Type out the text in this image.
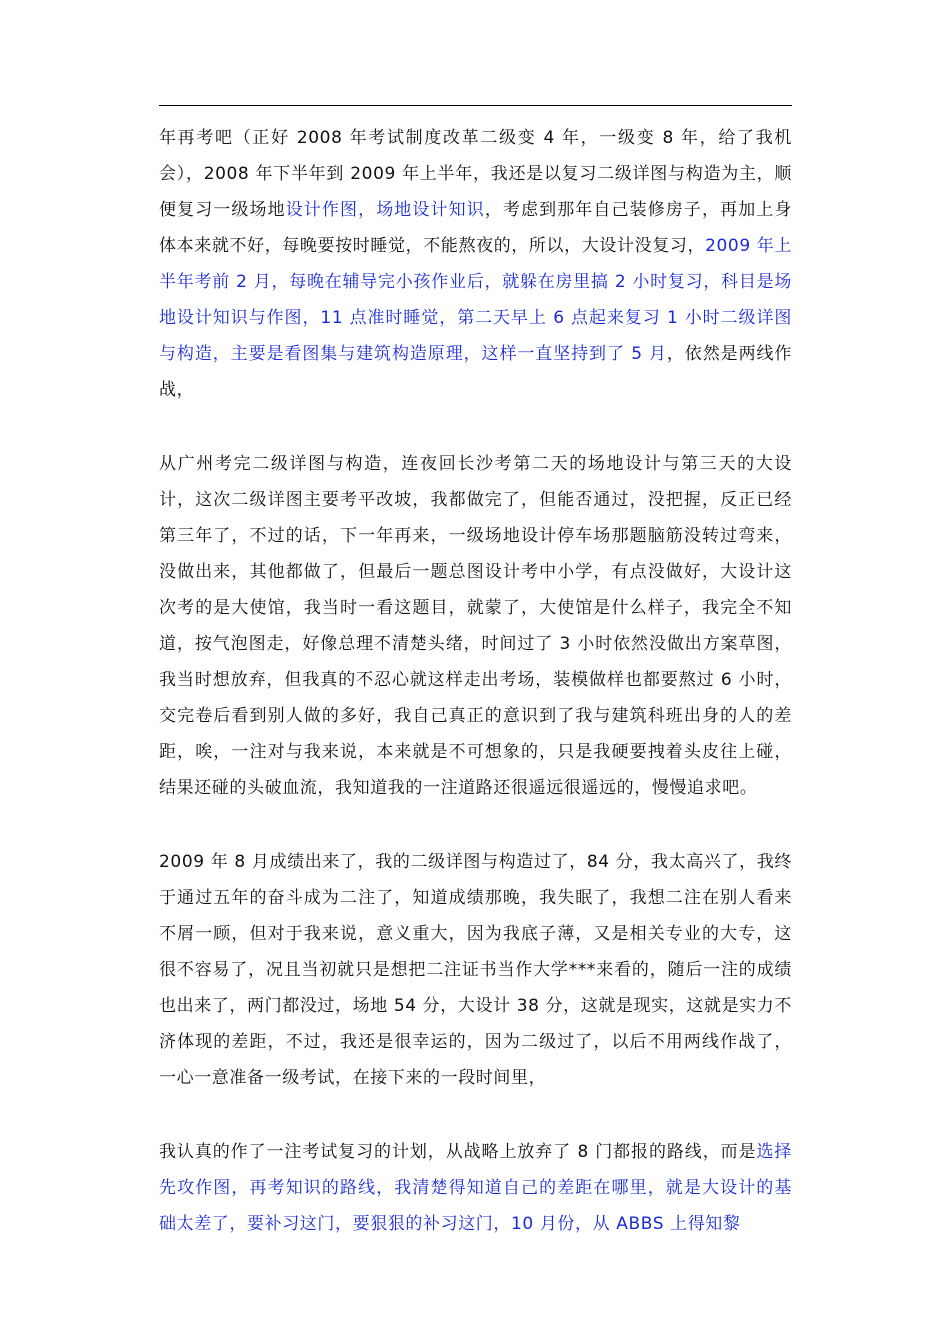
年再考吧（正好 2008 年考试制度改革二级变 4 年，一级变 8 年，给了我机会），2008 年下半年到 2009 年上半年，我还是以复习二级详图与构造为主，顺便复习一级场地设计作图，场地设计知识，考虑到那年自己装修房子，再加上身体本来就不好，每晚要按时睡觉，不能熬夜的，所以，大设计没复习，2009 年上半年考前 2 月，每晚在辅导完小孩作业后，就躲在房里搞 2 小时复习，科目是场地设计知识与作图，11 点准时睡觉，第二天早上 6 点起来复习 1 小时二级详图与构造，主要是看图集与建筑构造原理，这样一直坚持到了 5 月，依然是两线作战，

从广州考完二级详图与构造，连夜回长沙考第二天的场地设计与第三天的大设计，这次二级详图主要考平改坡，我都做完了，但能否通过，没把握，反正已经第三年了，不过的话，下一年再来，一级场地设计停车场那题脑筋没转过弯来，没做出来，其他都做了，但最后一题总图设计考中小学，有点没做好，大设计这次考的是大使馆，我当时一看这题目，就蒙了，大使馆是什么样子，我完全不知道，按气泡图走，好像总理不清楚头绪，时间过了 3 小时依然没做出方案草图，我当时想放弃，但我真的不忍心就这样走出考场，装模做样也都要熬过 6 小时，交完卷后看到别人做的多好，我自己真正的意识到了我与建筑科班出身的人的差距，唉，一注对与我来说，本来就是不可想象的，只是我硬要拽着头皮往上碰，结果还碰的头破血流，我知道我的一注道路还很遥远很遥远的，慢慢追求吧。

2009 年 8 月成绩出来了，我的二级详图与构造过了，84 分，我太高兴了，我终于通过五年的奋斗成为二注了，知道成绩那晚，我失眠了，我想二注在别人看来不屑一顾，但对于我来说，意义重大，因为我底子薄，又是相关专业的大专，这很不容易了，况且当初就只是想把二注证书当作大学***来看的，随后一注的成绩也出来了，两门都没过，场地 54 分，大设计 38 分，这就是现实，这就是实力不济体现的差距，不过，我还是很幸运的，因为二级过了，以后不用两线作战了，一心一意准备一级考试，在接下来的一段时间里，

我认真的作了一注考试复习的计划，从战略上放弃了 8 门都报的路线，而是选择先攻作图，再考知识的路线，我清楚得知道自己的差距在哪里，就是大设计的基础太差了，要补习这门，要狠狠的补习这门，10 月份，从 ABBS 上得知黎
